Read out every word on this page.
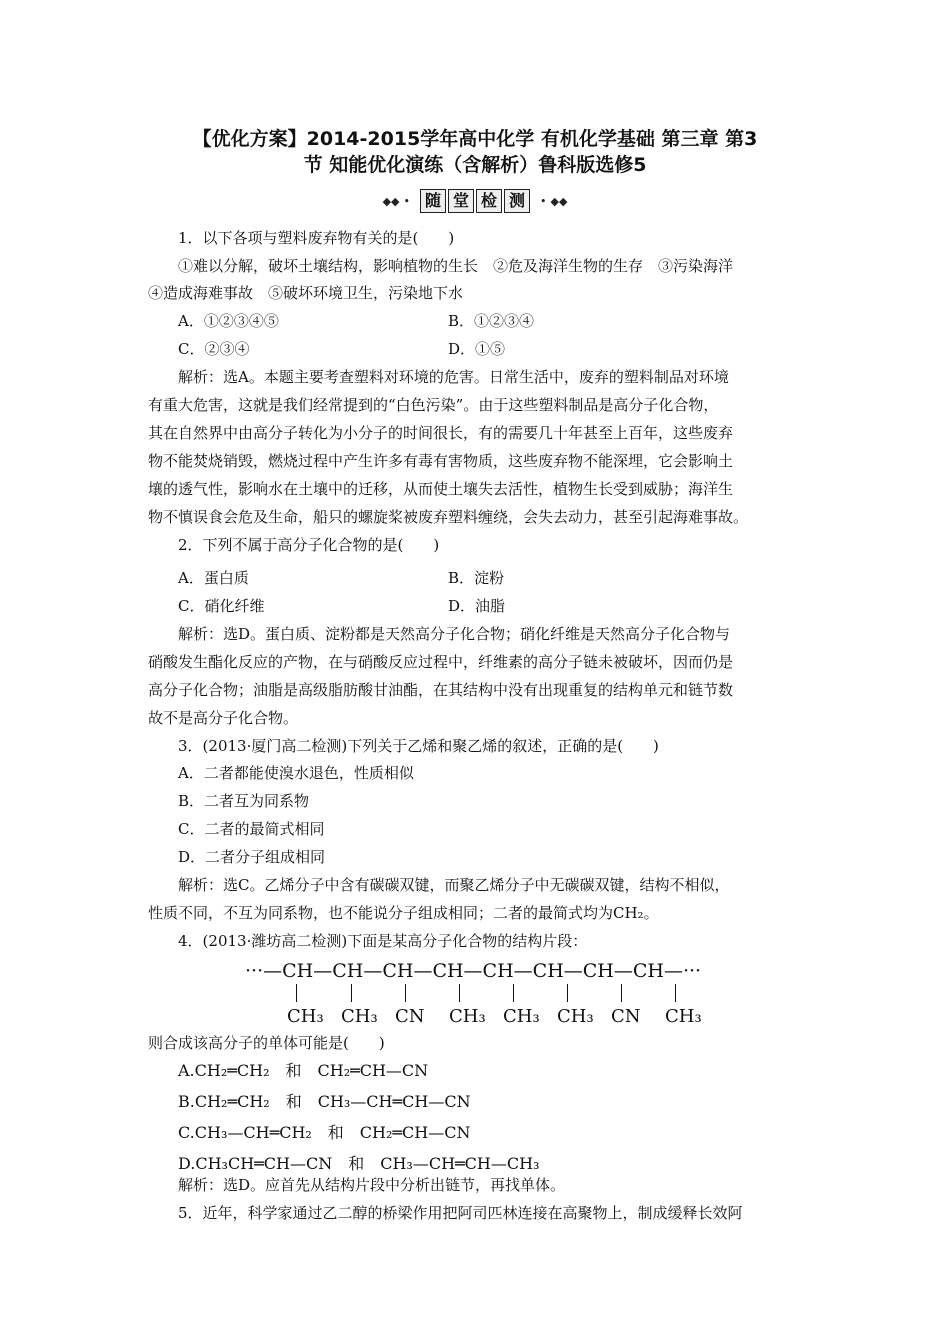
【优化方案】2014-2015学年高中化学 有机化学基础 第三章 第3
节 知能优化演练（含解析）鲁科版选修5
◆◆ • 随 堂 检 测	• ◆◆
1．以下各项与塑料废弃物有关的是(　　)
①难以分解，破坏土壤结构，影响植物的生长　②危及海洋生物的生存　③污染海洋
④造成海难事故　⑤破坏环境卫生，污染地下水
A．①②③④⑤	B．①②③④
C．②③④	D．①⑤
解析：选A。本题主要考查塑料对环境的危害。日常生活中，废弃的塑料制品对环境
有重大危害，这就是我们经常提到的“白色污染”。由于这些塑料制品是高分子化合物，
其在自然界中由高分子转化为小分子的时间很长，有的需要几十年甚至上百年，这些废弃
物不能焚烧销毁，燃烧过程中产生许多有毒有害物质，这些废弃物不能深埋，它会影响土
壤的透气性，影响水在土壤中的迁移，从而使土壤失去活性，植物生长受到威胁；海洋生
物不慎误食会危及生命，船只的螺旋桨被废弃塑料缠绕，会失去动力，甚至引起海难事故。
2．下列不属于高分子化合物的是(　　)
A．蛋白质	B．淀粉
C．硝化纤维	D．油脂
解析：选D。蛋白质、淀粉都是天然高分子化合物；硝化纤维是天然高分子化合物与
硝酸发生酯化反应的产物，在与硝酸反应过程中，纤维素的高分子链未被破坏，因而仍是
高分子化合物；油脂是高级脂肪酸甘油酯，在其结构中没有出现重复的结构单元和链节数
故不是高分子化合物。
3．(2013·厦门高二检测)下列关于乙烯和聚乙烯的叙述，正确的是(　　)
A．二者都能使溴水退色，性质相似
B．二者互为同系物
C．二者的最简式相同
D．二者分子组成相同
解析：选C。乙烯分子中含有碳碳双键，而聚乙烯分子中无碳碳双键，结构不相似，
性质不同，不互为同系物，也不能说分子组成相同；二者的最简式均为CH₂。
4．(2013·潍坊高二检测)下面是某高分子化合物的结构片段：
···—CH—CH—CH—CH—CH—CH—CH—CH—···
CH₃ CH₃ CN CH₃ CH₃ CH₃ CN CH₃
则合成该高分子的单体可能是(　　)
A.CH₂═CH₂　和　CH₂═CH—CN
B.CH₂═CH₂　和　CH₃—CH═CH—CN
C.CH₃—CH═CH₂　和　CH₂═CH—CN
D.CH₃CH═CH—CN　和　CH₃—CH═CH—CH₃
解析：选D。应首先从结构片段中分析出链节，再找单体。
5．近年，科学家通过乙二醇的桥梁作用把阿司匹林连接在高聚物上，制成缓释长效阿
